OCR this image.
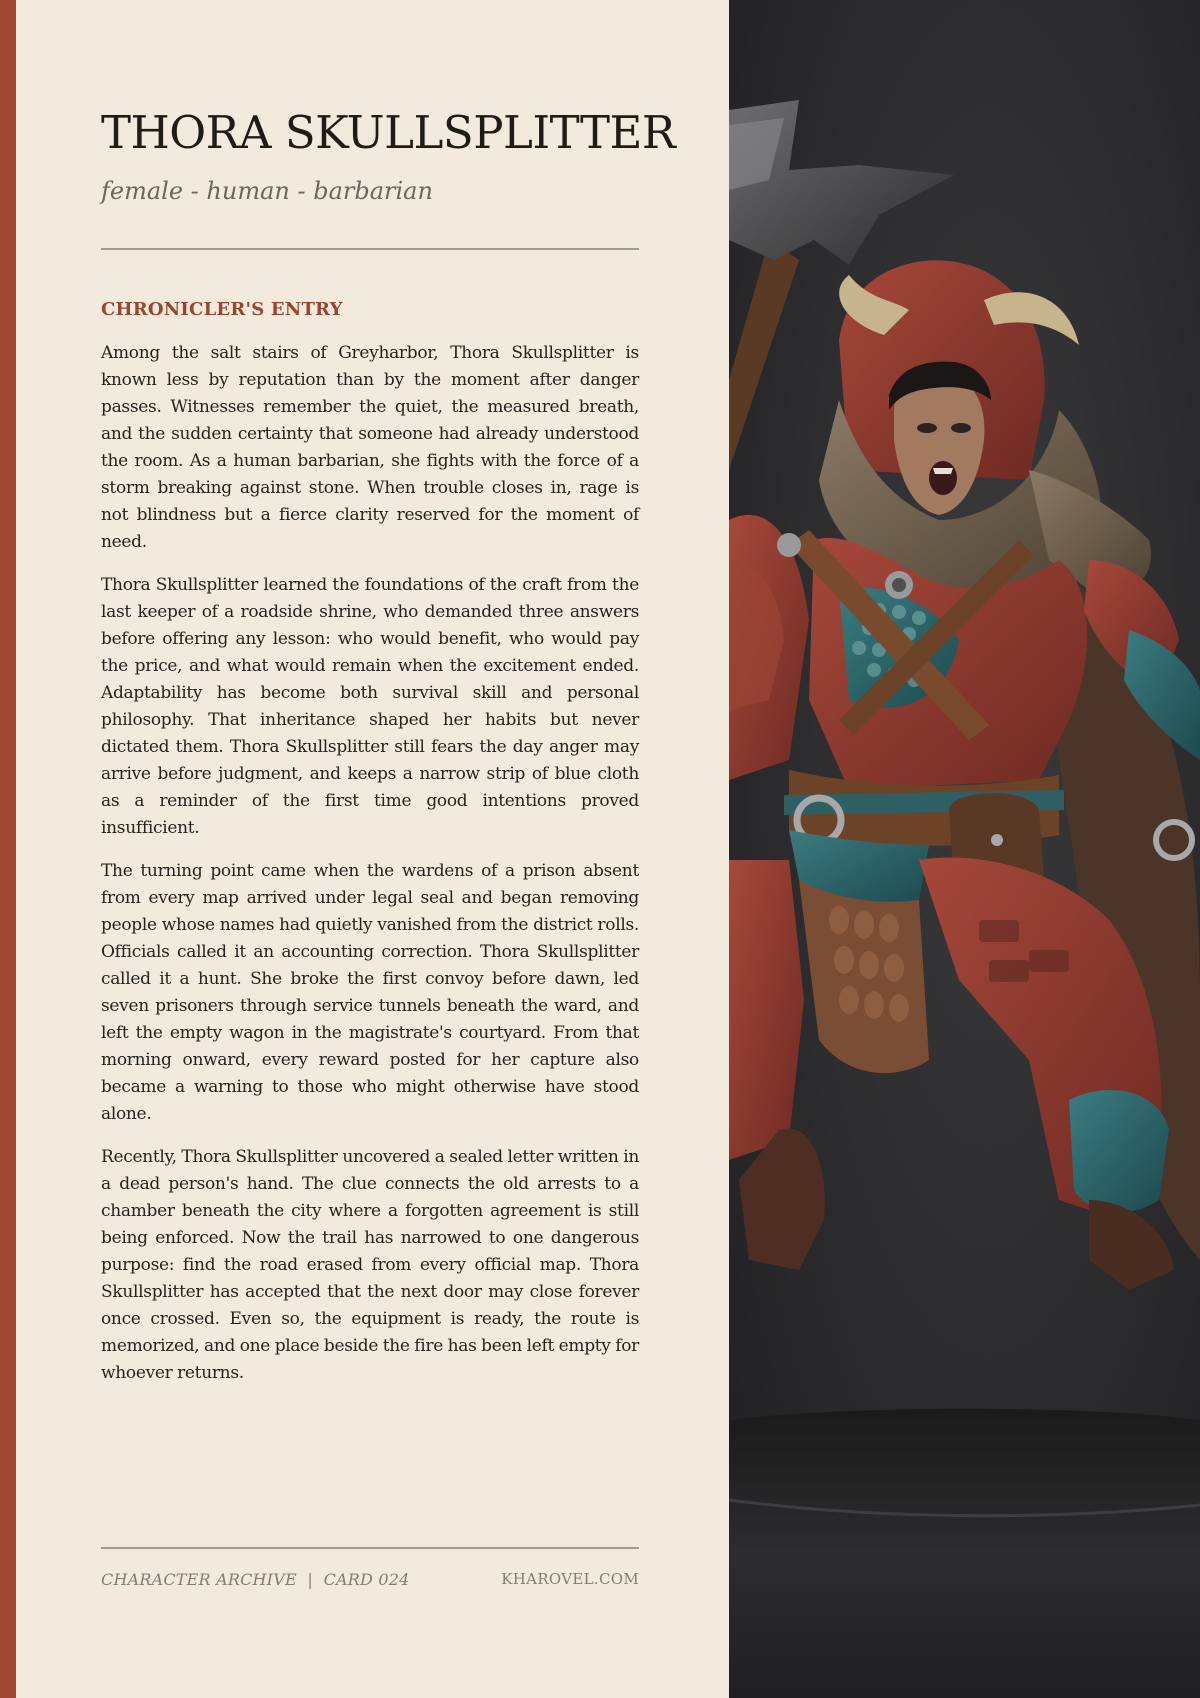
THORA SKULLSPLITTER
female - human - barbarian
CHRONICLER'S ENTRY

Among the salt stairs of Greyharbor, Thora Skullsplitter is known less by reputation than by the moment after danger passes. Witnesses remember the quiet, the measured breath, and the sudden certainty that someone had already understood the room. As a human barbarian, she fights with the force of a storm breaking against stone. When trouble closes in, rage is not blindness but a fierce clarity reserved for the moment of need.

Thora Skullsplitter learned the foundations of the craft from the last keeper of a roadside shrine, who demanded three answers before offering any lesson: who would benefit, who would pay the price, and what would remain when the excitement ended. Adaptability has become both survival skill and personal philosophy. That inheritance shaped her habits but never dictated them. Thora Skullsplitter still fears the day anger may arrive before judgment, and keeps a narrow strip of blue cloth as a reminder of the first time good intentions proved insufficient.

The turning point came when the wardens of a prison absent from every map arrived under legal seal and began removing people whose names had quietly vanished from the district rolls. Officials called it an accounting correction. Thora Skullsplitter called it a hunt. She broke the first convoy before dawn, led seven prisoners through service tunnels beneath the ward, and left the empty wagon in the magistrate's courtyard. From that morning onward, every reward posted for her capture also became a warning to those who might otherwise have stood alone.

Recently, Thora Skullsplitter uncovered a sealed letter written in a dead person's hand. The clue connects the old arrests to a chamber beneath the city where a forgotten agreement is still being enforced. Now the trail has narrowed to one dangerous purpose: find the road erased from every official map. Thora Skullsplitter has accepted that the next door may close forever once crossed. Even so, the equipment is ready, the route is memorized, and one place beside the fire has been left empty for whoever returns.

CHARACTER ARCHIVE  |  CARD 024	KHAROVEL.COM
